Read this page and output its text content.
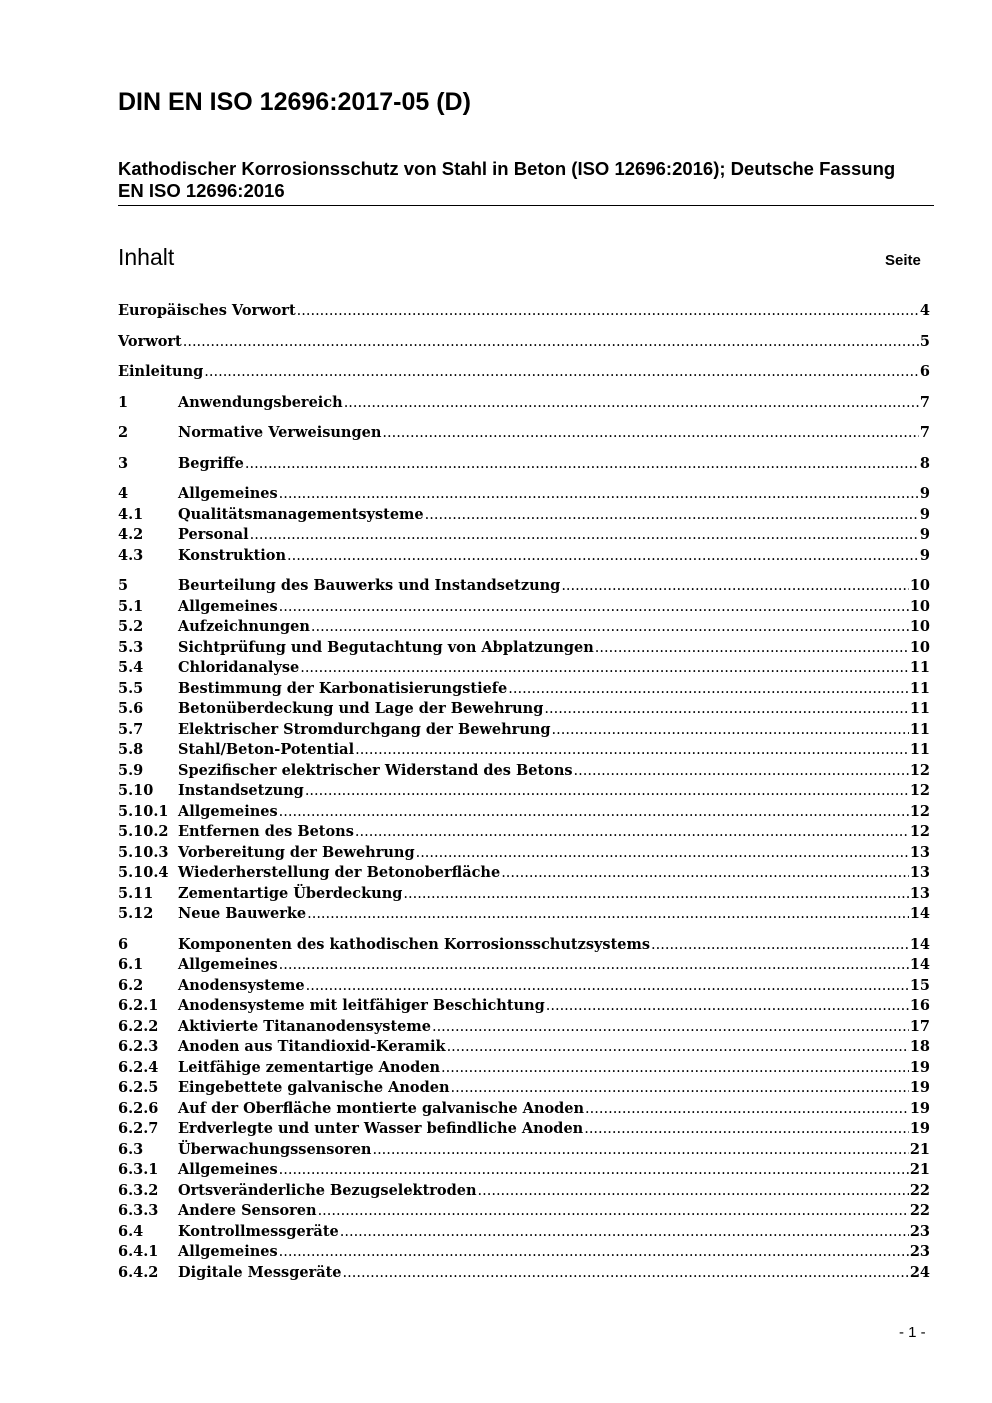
DIN EN ISO 12696:2017-05 (D)
Kathodischer Korrosionsschutz von Stahl in Beton (ISO 12696:2016); Deutsche Fassung EN ISO 12696:2016
Inhalt	Seite
Europäisches Vorwort .....	4
Vorwort .....	5
Einleitung .....	6
1	Anwendungsbereich .....	7
2	Normative Verweisungen .....	7
3	Begriffe .....	8
4	Allgemeines .....	9
4.1	Qualitätsmanagementsysteme .....	9
4.2	Personal .....	9
4.3	Konstruktion .....	9
5	Beurteilung des Bauwerks und Instandsetzung .....	10
5.1	Allgemeines .....	10
5.2	Aufzeichnungen .....	10
5.3	Sichtprüfung und Begutachtung von Abplatzungen .....	10
5.4	Chloridanalyse .....	11
5.5	Bestimmung der Karbonatisierungstiefe .....	11
5.6	Betonüberdeckung und Lage der Bewehrung .....	11
5.7	Elektrischer Stromdurchgang der Bewehrung .....	11
5.8	Stahl/Beton-Potential .....	11
5.9	Spezifischer elektrischer Widerstand des Betons .....	12
5.10	Instandsetzung .....	12
5.10.1 Allgemeines .....	12
5.10.2 Entfernen des Betons .....	12
5.10.3 Vorbereitung der Bewehrung .....	13
5.10.4 Wiederherstellung der Betonoberfläche .....	13
5.11	Zementartige Überdeckung .....	13
5.12	Neue Bauwerke .....	14
6	Komponenten des kathodischen Korrosionsschutzsystems .....	14
6.1	Allgemeines .....	14
6.2	Anodensysteme .....	15
6.2.1	Anodensysteme mit leitfähiger Beschichtung .....	16
6.2.2	Aktivierte Titananodensysteme .....	17
6.2.3	Anoden aus Titandioxid-Keramik .....	18
6.2.4	Leitfähige zementartige Anoden .....	19
6.2.5	Eingebettete galvanische Anoden .....	19
6.2.6	Auf der Oberfläche montierte galvanische Anoden .....	19
6.2.7	Erdverlegte und unter Wasser befindliche Anoden .....	19
6.3	Überwachungssensoren .....	21
6.3.1	Allgemeines .....	21
6.3.2	Ortsveränderliche Bezugselektroden .....	22
6.3.3	Andere Sensoren .....	22
6.4	Kontrollmessgeräte .....	23
6.4.1	Allgemeines .....	23
6.4.2	Digitale Messgeräte .....	24
- 1 -
